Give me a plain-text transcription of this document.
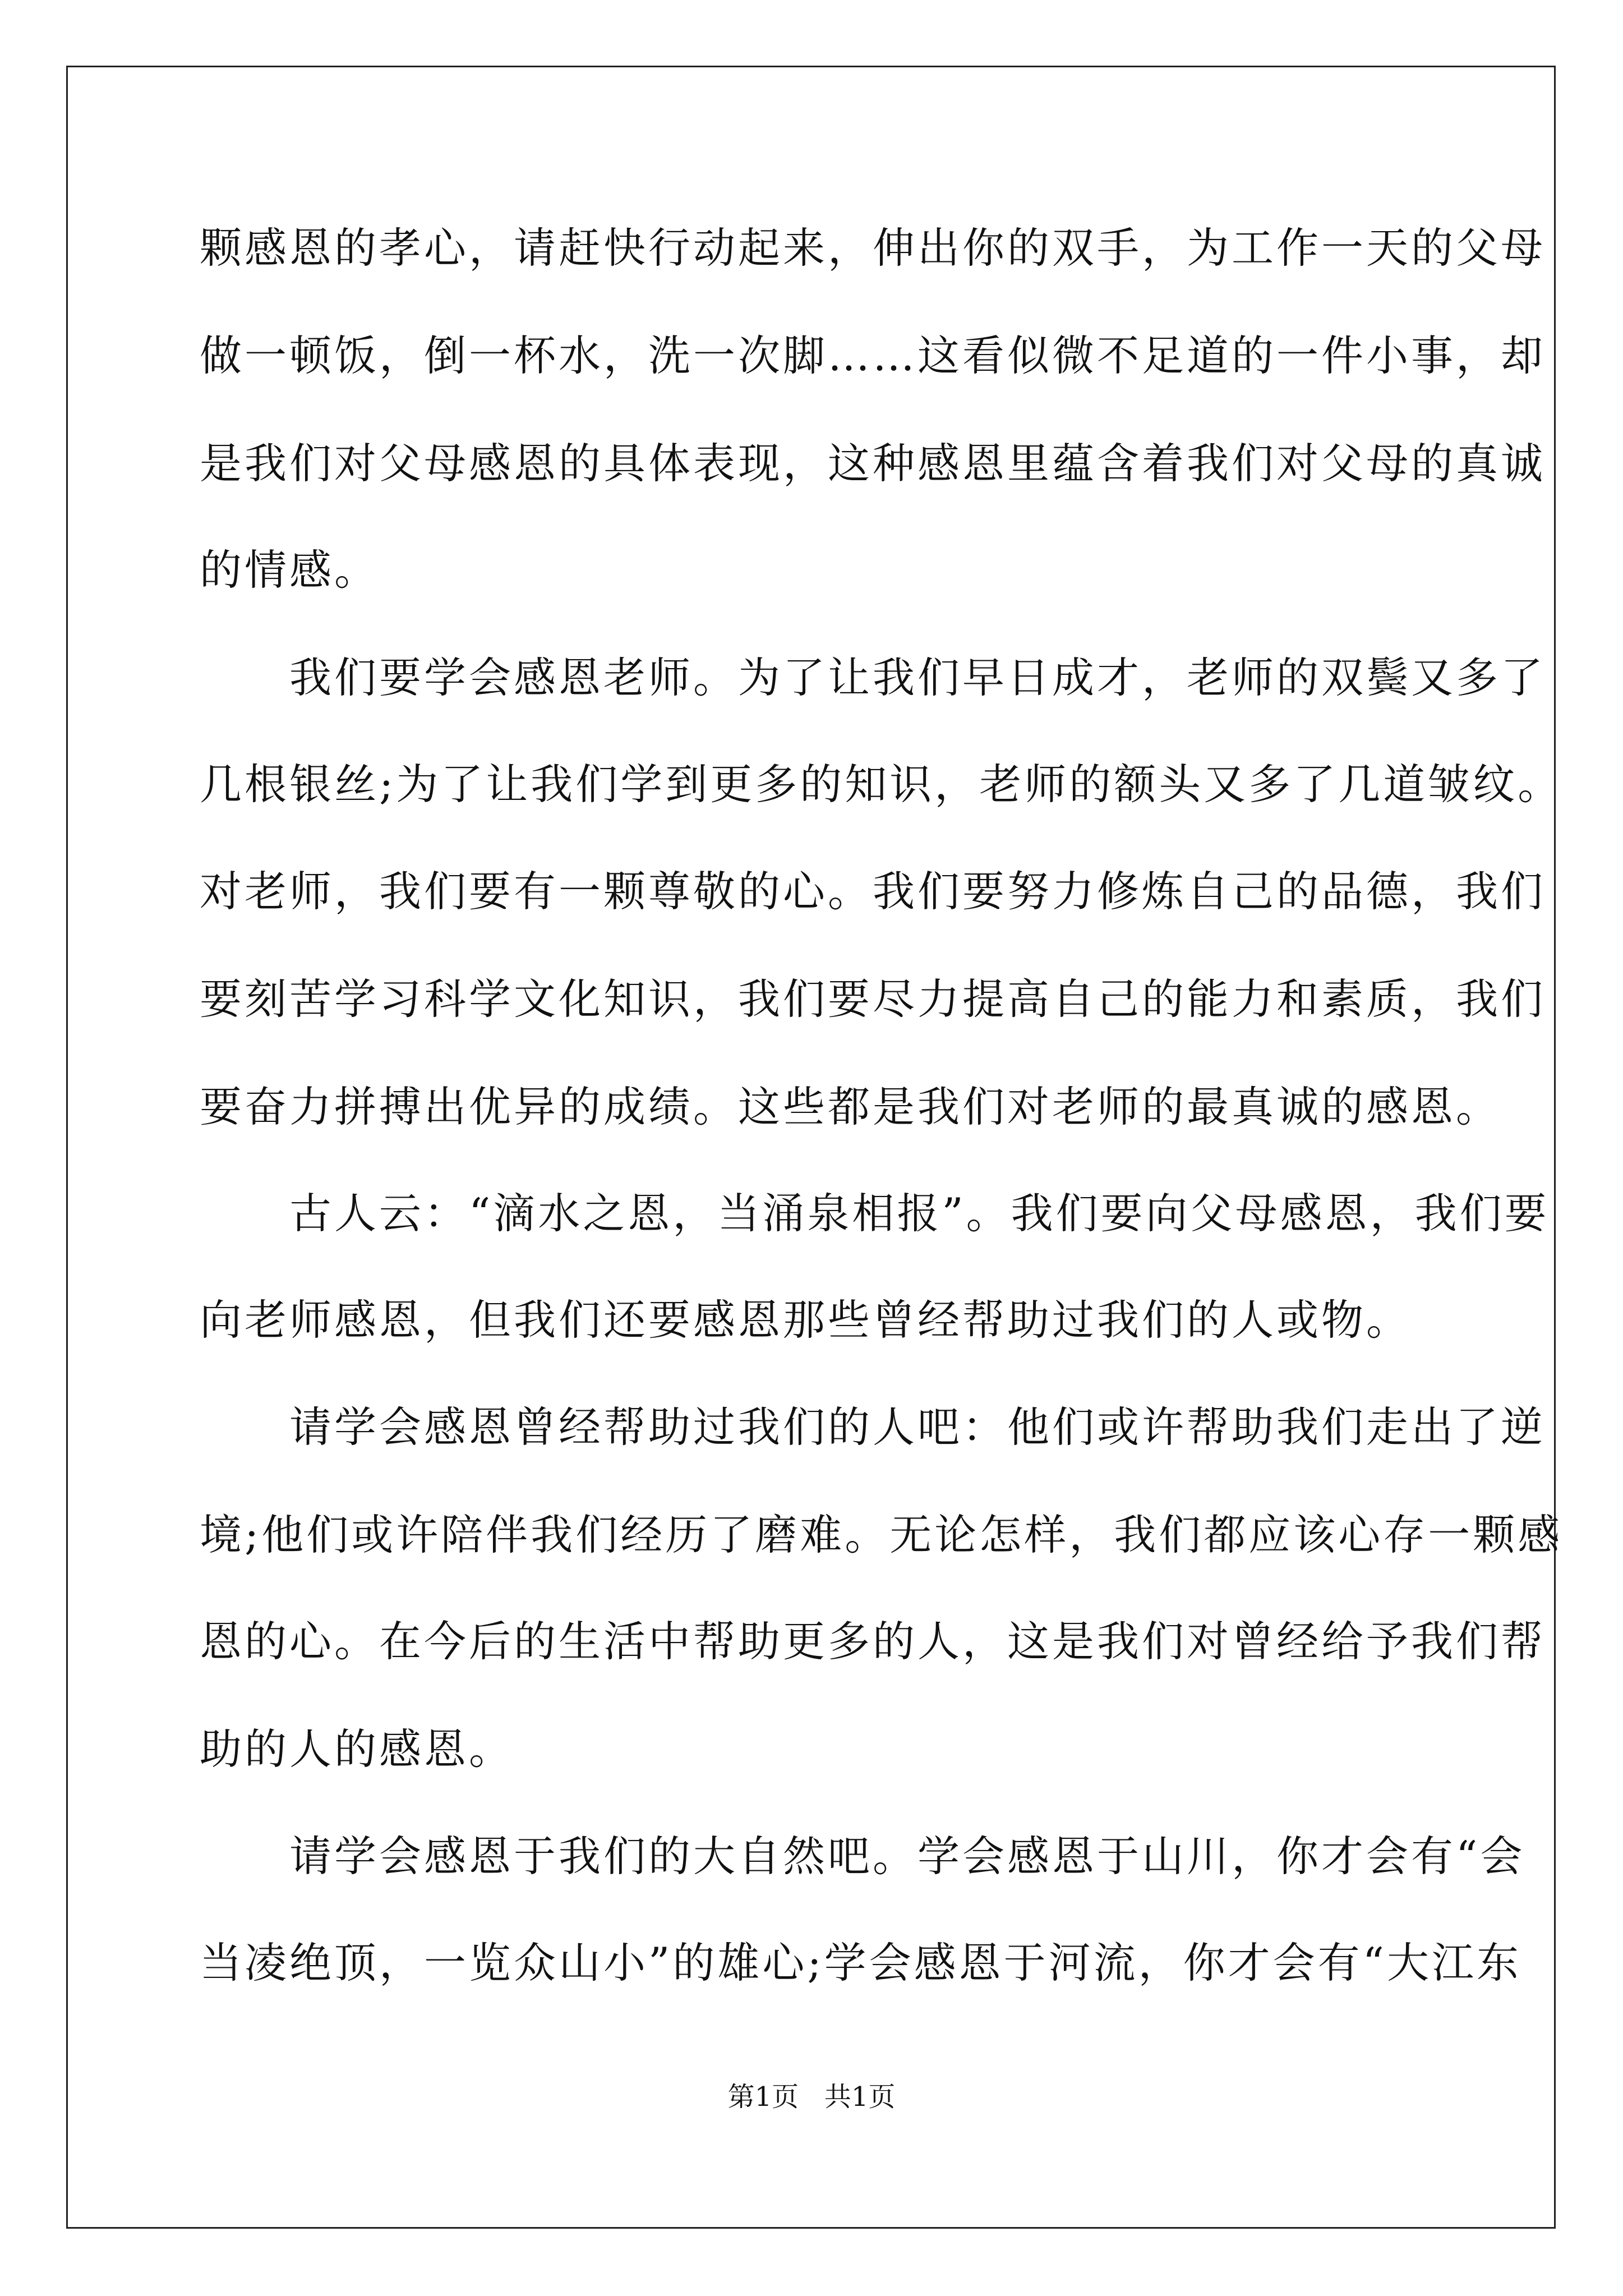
颗感恩的孝心，请赶快行动起来，伸出你的双手，为工作一天的父母
做一顿饭，倒一杯水，洗一次脚……这看似微不足道的一件小事，却
是我们对父母感恩的具体表现，这种感恩里蕴含着我们对父母的真诚
的情感。
　　我们要学会感恩老师。为了让我们早日成才，老师的双鬓又多了
几根银丝;为了让我们学到更多的知识，老师的额头又多了几道皱纹。
对老师，我们要有一颗尊敬的心。我们要努力修炼自己的品德，我们
要刻苦学习科学文化知识，我们要尽力提高自己的能力和素质，我们
要奋力拼搏出优异的成绩。这些都是我们对老师的最真诚的感恩。
　　古人云：“滴水之恩，当涌泉相报”。我们要向父母感恩，我们要
向老师感恩，但我们还要感恩那些曾经帮助过我们的人或物。
　　请学会感恩曾经帮助过我们的人吧：他们或许帮助我们走出了逆
境;他们或许陪伴我们经历了磨难。无论怎样，我们都应该心存一颗感
恩的心。在今后的生活中帮助更多的人，这是我们对曾经给予我们帮
助的人的感恩。
　　请学会感恩于我们的大自然吧。学会感恩于山川，你才会有“会
当凌绝顶，一览众山小”的雄心;学会感恩于河流，你才会有“大江东
第1页   共1页
